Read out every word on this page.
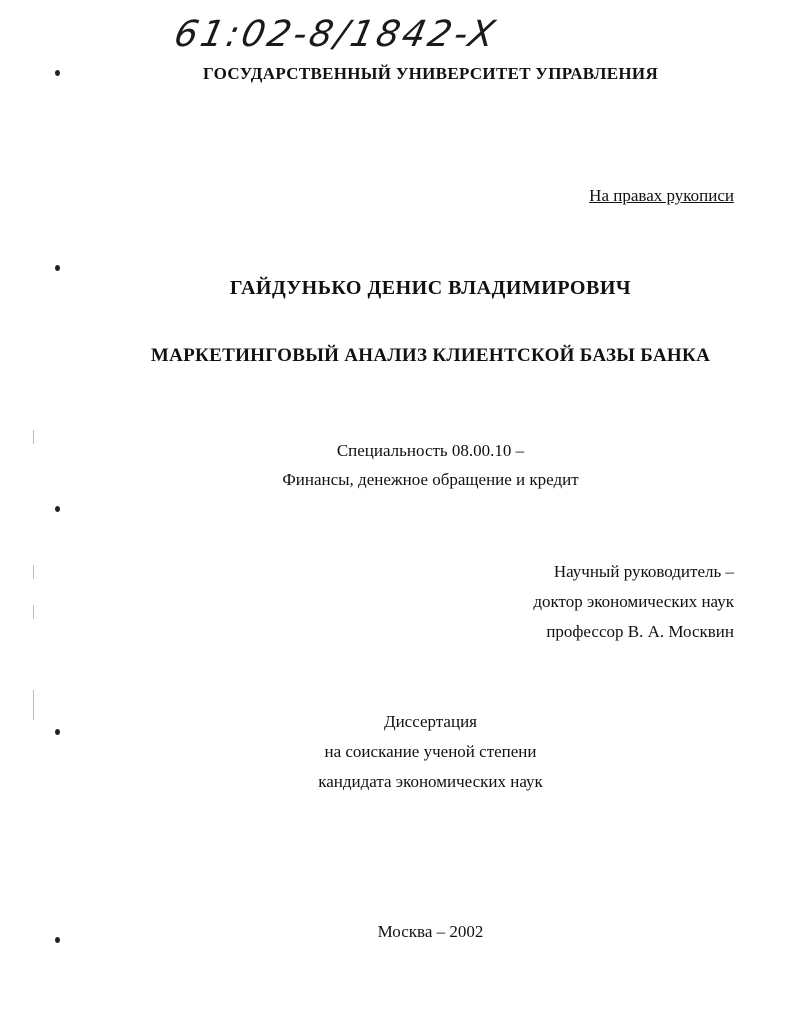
61:02-8/1842-X
ГОСУДАРСТВЕННЫЙ УНИВЕРСИТЕТ УПРАВЛЕНИЯ
На правах рукописи
ГАЙДУНЬКО ДЕНИС ВЛАДИМИРОВИЧ
МАРКЕТИНГОВЫЙ АНАЛИЗ КЛИЕНТСКОЙ БАЗЫ БАНКА
Специальность 08.00.10 –
Финансы, денежное обращение и кредит
Научный руководитель –
доктор экономических наук
профессор В. А. Москвин
Диссертация
на соискание ученой степени
кандидата экономических наук
Москва – 2002
